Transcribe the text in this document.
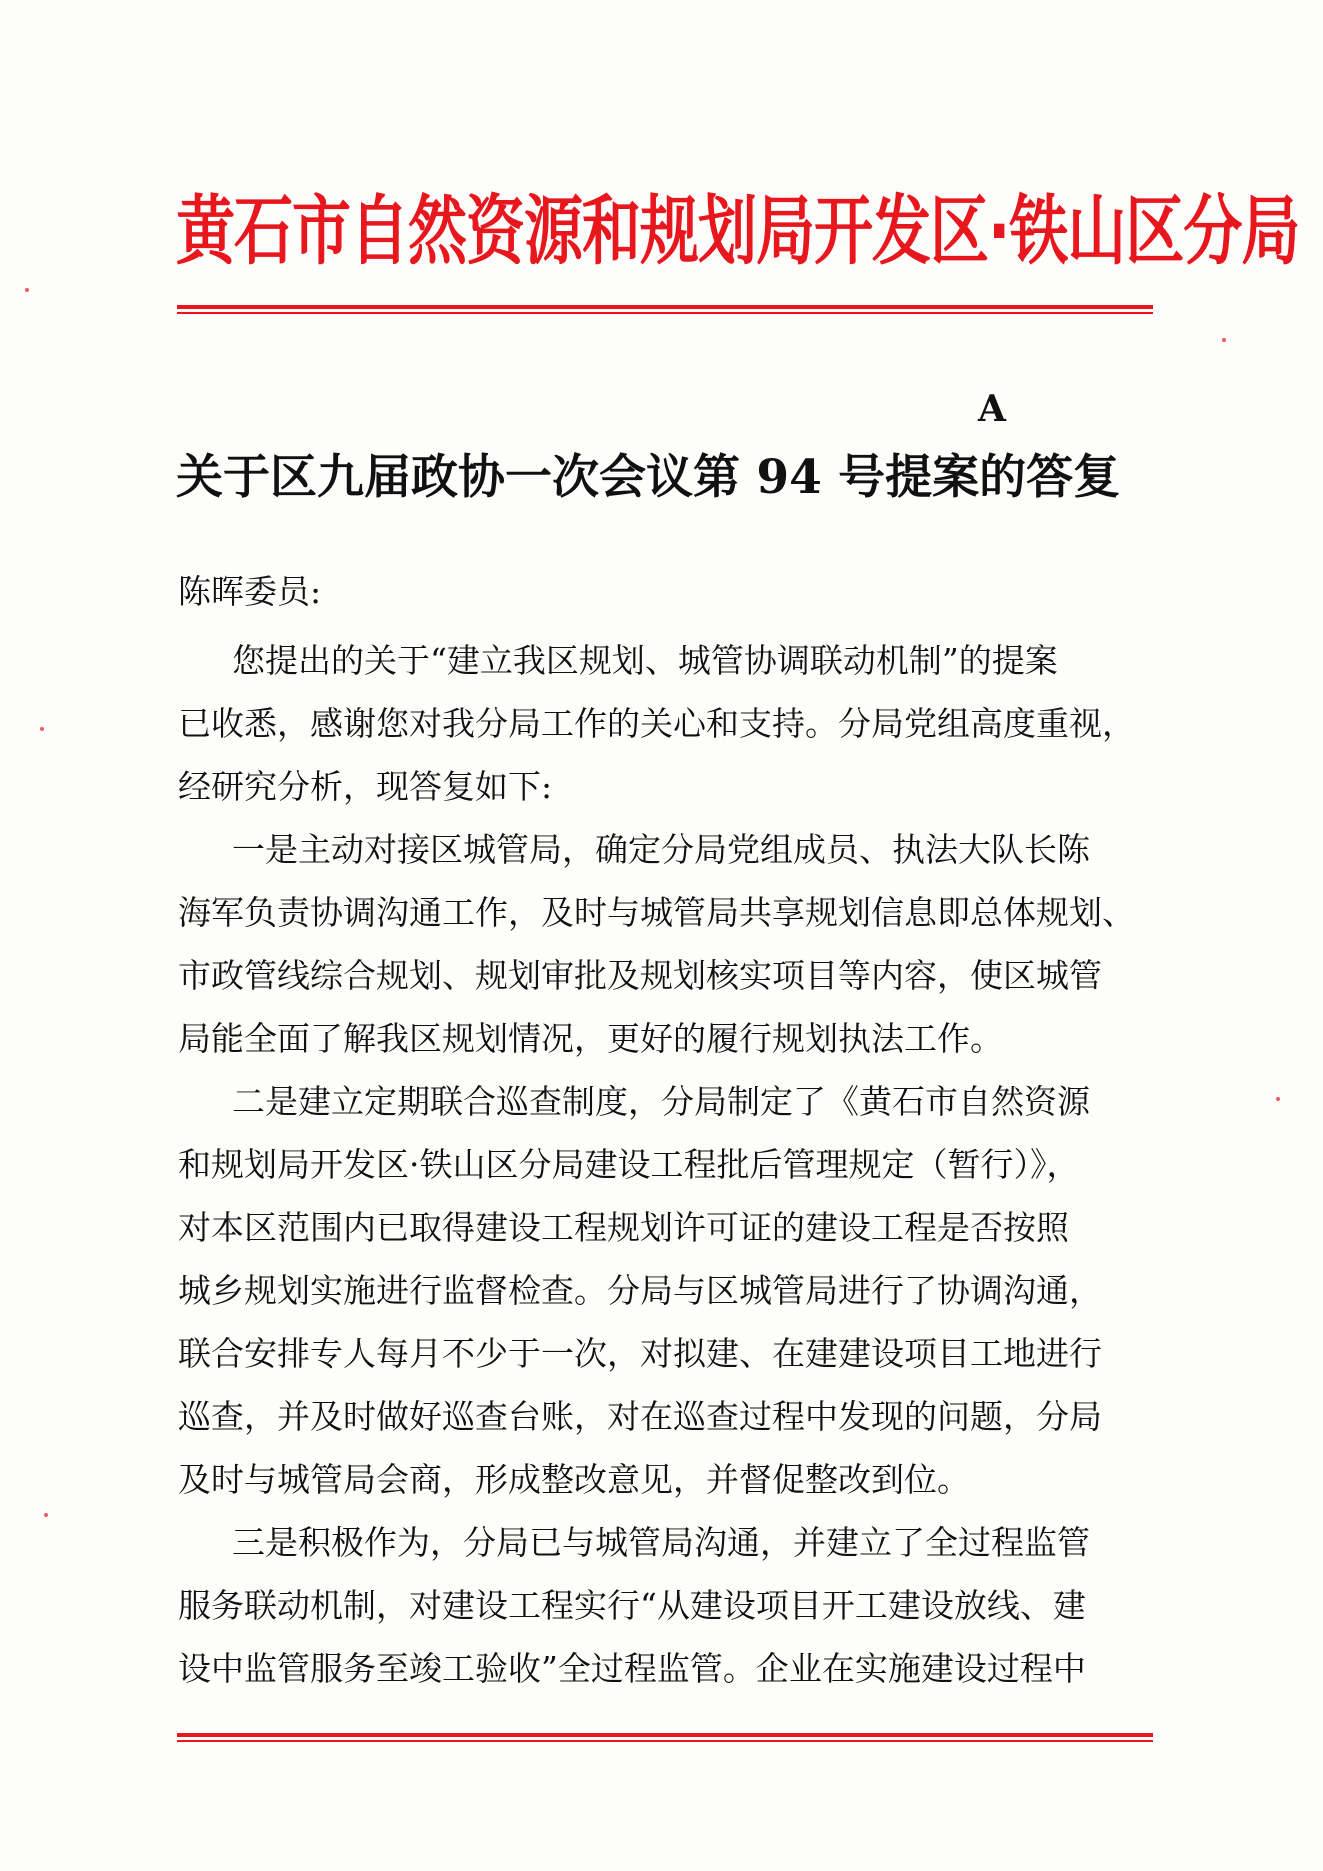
黄石市自然资源和规划局开发区·铁山区分局
A
关于区九届政协一次会议第 94 号提案的答复
陈晖委员:
您提出的关于“建立我区规划、城管协调联动机制”的提案
已收悉，感谢您对我分局工作的关心和支持。分局党组高度重视，
经研究分析，现答复如下:
一是主动对接区城管局，确定分局党组成员、执法大队长陈
海军负责协调沟通工作，及时与城管局共享规划信息即总体规划、
市政管线综合规划、规划审批及规划核实项目等内容，使区城管
局能全面了解我区规划情况，更好的履行规划执法工作。
二是建立定期联合巡查制度，分局制定了《黄石市自然资源
和规划局开发区·铁山区分局建设工程批后管理规定（暂行）》，
对本区范围内已取得建设工程规划许可证的建设工程是否按照
城乡规划实施进行监督检查。分局与区城管局进行了协调沟通，
联合安排专人每月不少于一次，对拟建、在建建设项目工地进行
巡查，并及时做好巡查台账，对在巡查过程中发现的问题，分局
及时与城管局会商，形成整改意见，并督促整改到位。
三是积极作为，分局已与城管局沟通，并建立了全过程监管
服务联动机制，对建设工程实行“从建设项目开工建设放线、建
设中监管服务至竣工验收”全过程监管。企业在实施建设过程中
